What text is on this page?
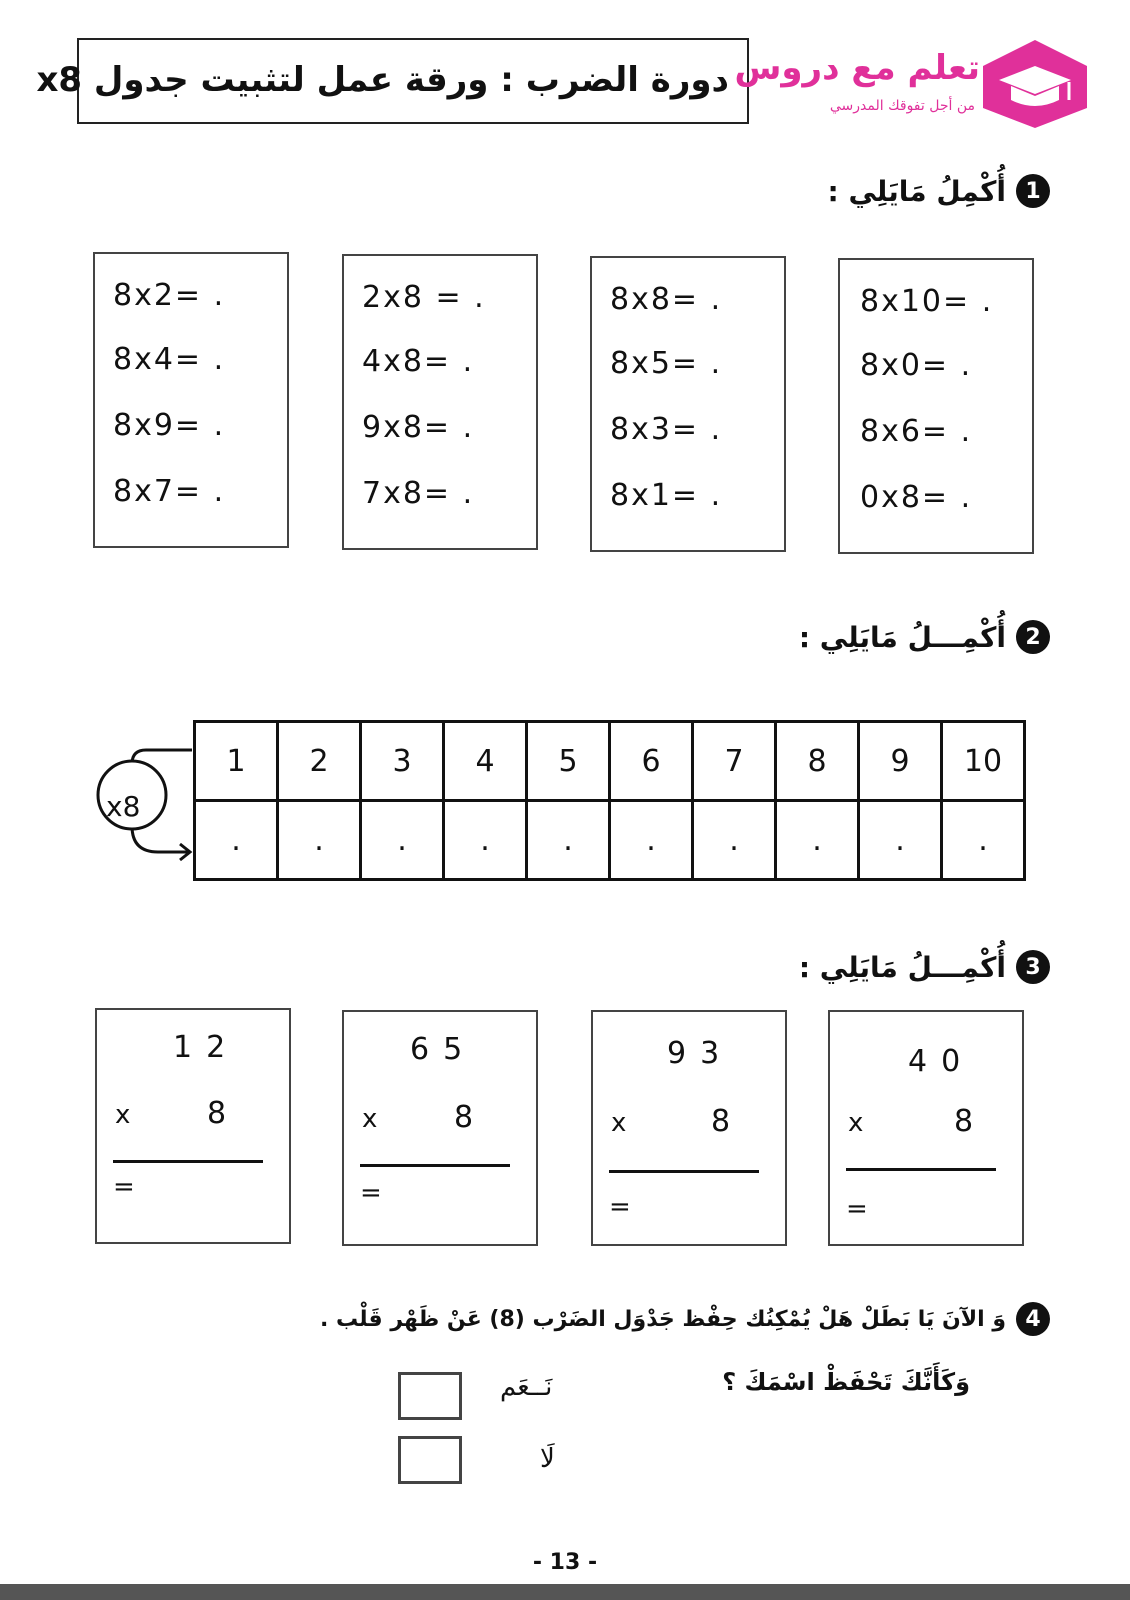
دورة الضرب : ورقة عمل لتثبيت جدول x8 تعلم مع دروس
من أجل تفوقك المدرسي
1
أُكْمِلُ مَايَلِي :
8x10= .
8x0= .
8x6= .
0x8= .
8x8= .
8x5= .
8x3= .
8x1= .
2x8 = .
4x8= .
9x8= .
7x8= .
8x2= .
8x4= .
8x9= .
8x7= .
2
أُكْمِـــلُ مَايَلِي :
x8
1	2	3	4	5	6	7	8	9	10
.	.	.	.	.	.	.	.	.	.
3
أُكْمِـــلُ مَايَلِي :
40
x	8
=
93
x	8
=
65
x	8
=
12
x	8
=
4
وَ الآنَ يَا بَطَلْ هَلْ يُمْكِنُك حِفْظ جَدْوَل الضَرْب (8) عَنْ ظَهْر قَلْب .
وَكَأَنَّكَ تَحْفَظْ اسْمَكَ ؟
نَــعَم
لَا
- 13 -
